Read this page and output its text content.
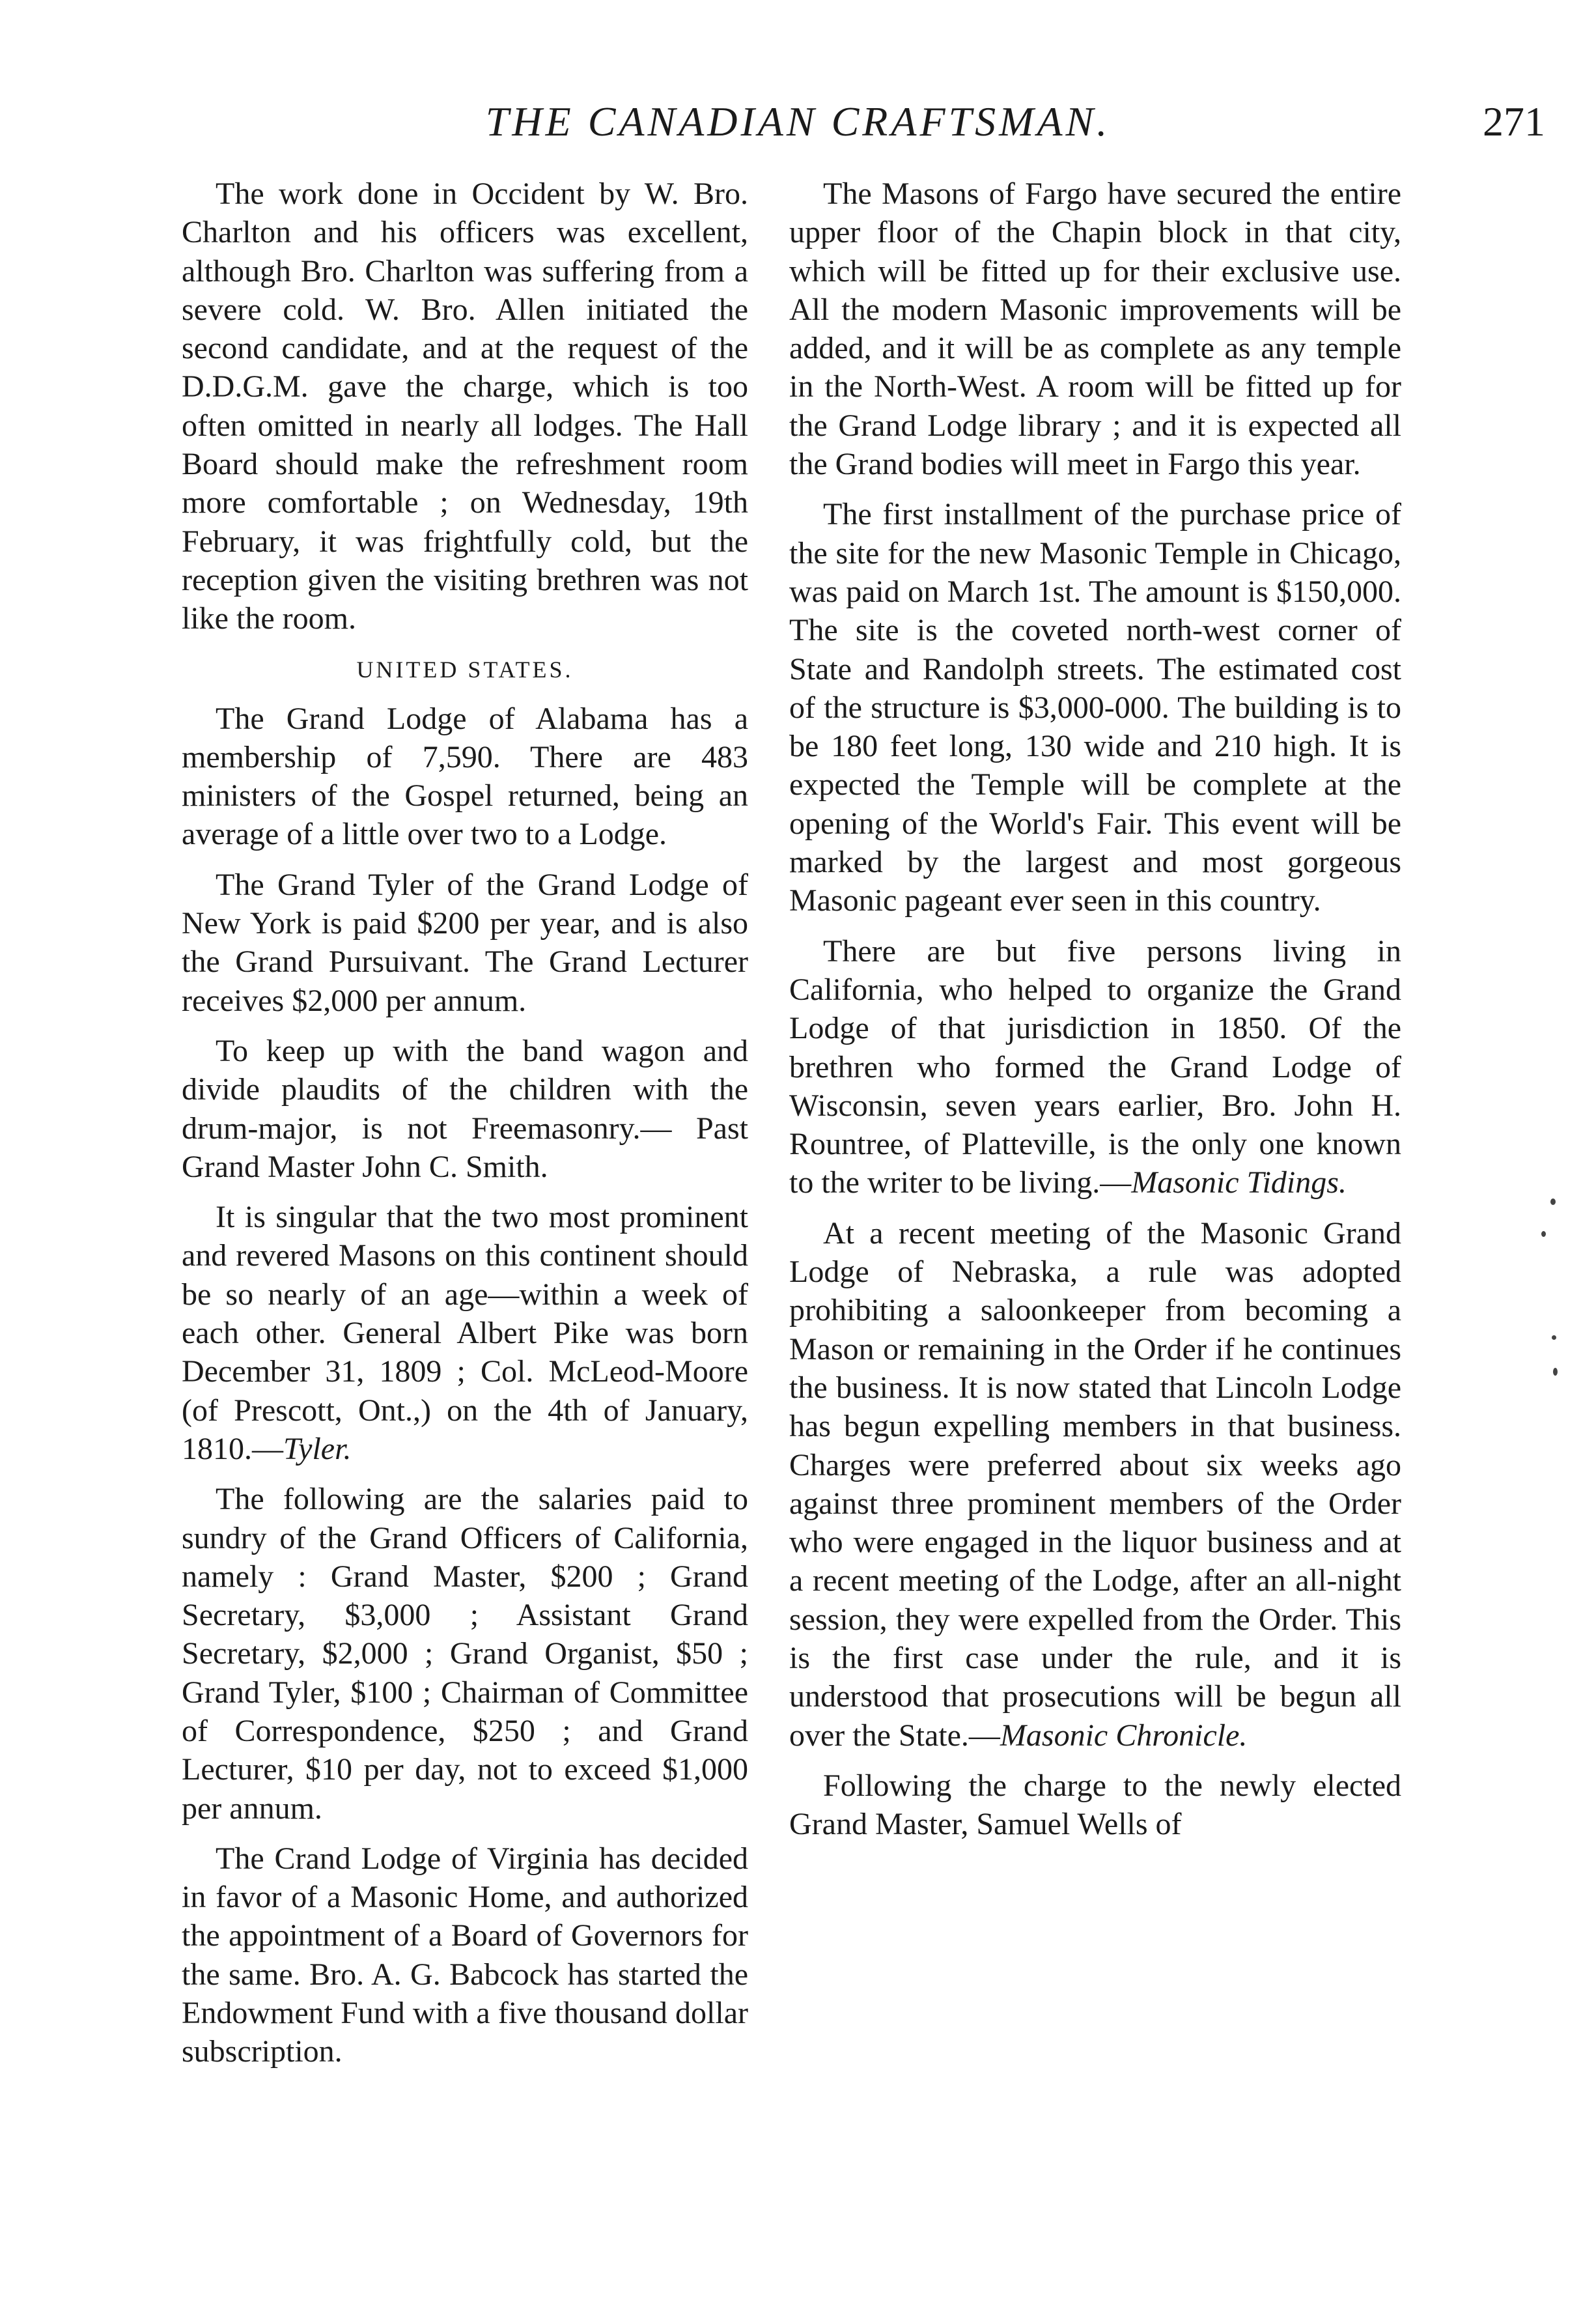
THE CANADIAN CRAFTSMAN.	271

The work done in Occident by W. Bro. Charlton and his officers was excellent, although Bro. Charlton was suffering from a severe cold. W. Bro. Allen initiated the second candidate, and at the request of the D.D.G.M. gave the charge, which is too often omitted in nearly all lodges. The Hall Board should make the refreshment room more comfortable ; on Wednesday, 19th February, it was frightfully cold, but the reception given the visiting brethren was not like the room.

UNITED STATES.

The Grand Lodge of Alabama has a membership of 7,590. There are 483 ministers of the Gospel returned, being an average of a little over two to a Lodge.

The Grand Tyler of the Grand Lodge of New York is paid $200 per year, and is also the Grand Pursuivant. The Grand Lecturer receives $2,000 per annum.

To keep up with the band wagon and divide plaudits of the children with the drum-major, is not Freemasonry.— Past Grand Master John C. Smith.

It is singular that the two most prominent and revered Masons on this continent should be so nearly of an age—within a week of each other. General Albert Pike was born December 31, 1809 ; Col. McLeod-Moore (of Prescott, Ont.,) on the 4th of January, 1810.—Tyler.

The following are the salaries paid to sundry of the Grand Officers of California, namely : Grand Master, $200 ; Grand Secretary, $3,000 ; Assistant Grand Secretary, $2,000 ; Grand Organist, $50 ; Grand Tyler, $100 ; Chairman of Committee of Correspondence, $250 ; and Grand Lecturer, $10 per day, not to exceed $1,000 per annum.

The Crand Lodge of Virginia has decided in favor of a Masonic Home, and authorized the appointment of a Board of Governors for the same. Bro. A. G. Babcock has started the Endowment Fund with a five thousand dollar subscription.

The Masons of Fargo have secured the entire upper floor of the Chapin block in that city, which will be fitted up for their exclusive use. All the modern Masonic improvements will be added, and it will be as complete as any temple in the North-West. A room will be fitted up for the Grand Lodge library ; and it is expected all the Grand bodies will meet in Fargo this year.

The first installment of the purchase price of the site for the new Masonic Temple in Chicago, was paid on March 1st. The amount is $150,000. The site is the coveted north-west corner of State and Randolph streets. The estimated cost of the structure is $3,000-000. The building is to be 180 feet long, 130 wide and 210 high. It is expected the Temple will be complete at the opening of the World's Fair. This event will be marked by the largest and most gorgeous Masonic pageant ever seen in this country.

There are but five persons living in California, who helped to organize the Grand Lodge of that jurisdiction in 1850. Of the brethren who formed the Grand Lodge of Wisconsin, seven years earlier, Bro. John H. Rountree, of Platteville, is the only one known to the writer to be living.—Masonic Tidings.

At a recent meeting of the Masonic Grand Lodge of Nebraska, a rule was adopted prohibiting a saloonkeeper from becoming a Mason or remaining in the Order if he continues the business. It is now stated that Lincoln Lodge has begun expelling members in that business. Charges were preferred about six weeks ago against three prominent members of the Order who were engaged in the liquor business and at a recent meeting of the Lodge, after an all-night session, they were expelled from the Order. This is the first case under the rule, and it is understood that prosecutions will be begun all over the State.—Masonic Chronicle.

Following the charge to the newly elected Grand Master, Samuel Wells of
